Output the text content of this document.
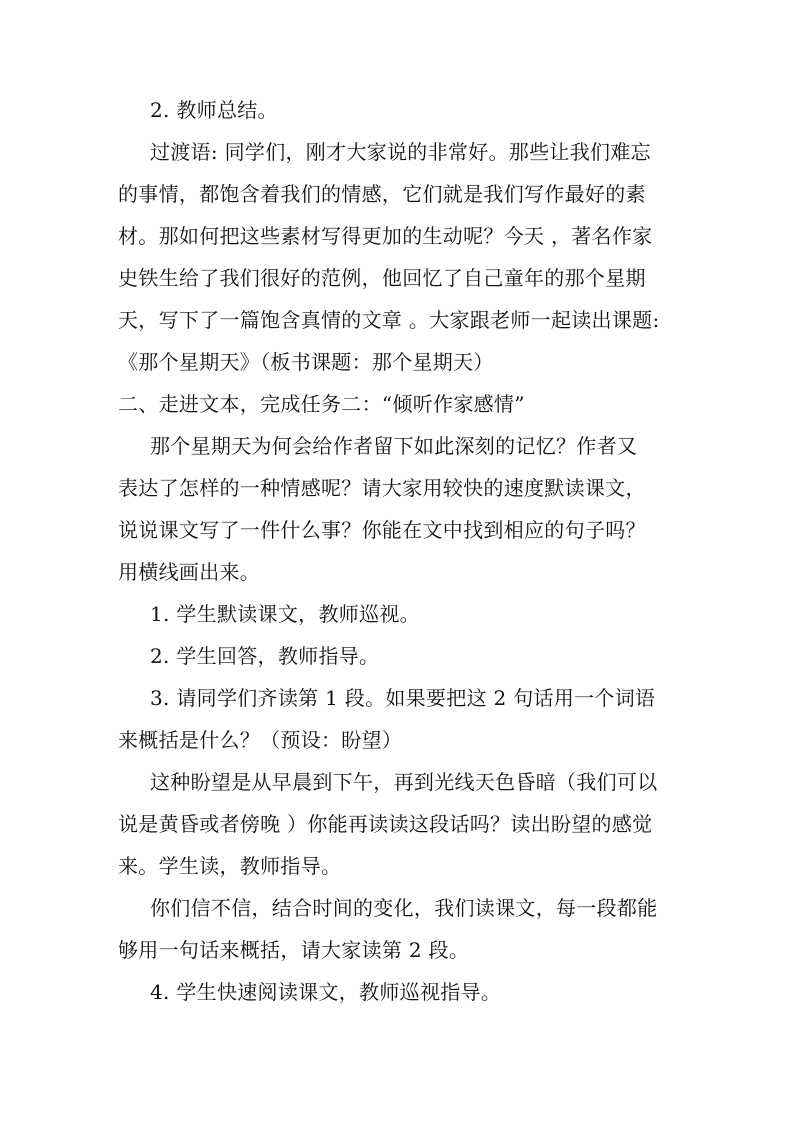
2. 教师总结。
过渡语: 同学们，刚才大家说的非常好。那些让我们难忘
的事情，都饱含着我们的情感，它们就是我们写作最好的素
材。那如何把这些素材写得更加的生动呢？今天 ，著名作家
史铁生给了我们很好的范例，他回忆了自己童年的那个星期
天，写下了一篇饱含真情的文章 。大家跟老师一起读出课题:
《那个星期天》（板书课题：那个星期天）
二、走进文本，完成任务二：“倾听作家感情”
那个星期天为何会给作者留下如此深刻的记忆？作者又
表达了怎样的一种情感呢？请大家用较快的速度默读课文，
说说课文写了一件什么事？你能在文中找到相应的句子吗？
用横线画出来。
1. 学生默读课文，教师巡视。
2. 学生回答，教师指导。
3. 请同学们齐读第 1 段。如果要把这 2 句话用一个词语
来概括是什么？（预设：盼望）
这种盼望是从早晨到下午，再到光线天色昏暗（我们可以
说是黄昏或者傍晚 ）你能再读读这段话吗？读出盼望的感觉
来。学生读，教师指导。
你们信不信，结合时间的变化，我们读课文，每一段都能
够用一句话来概括，请大家读第 2 段。
4. 学生快速阅读课文，教师巡视指导。
